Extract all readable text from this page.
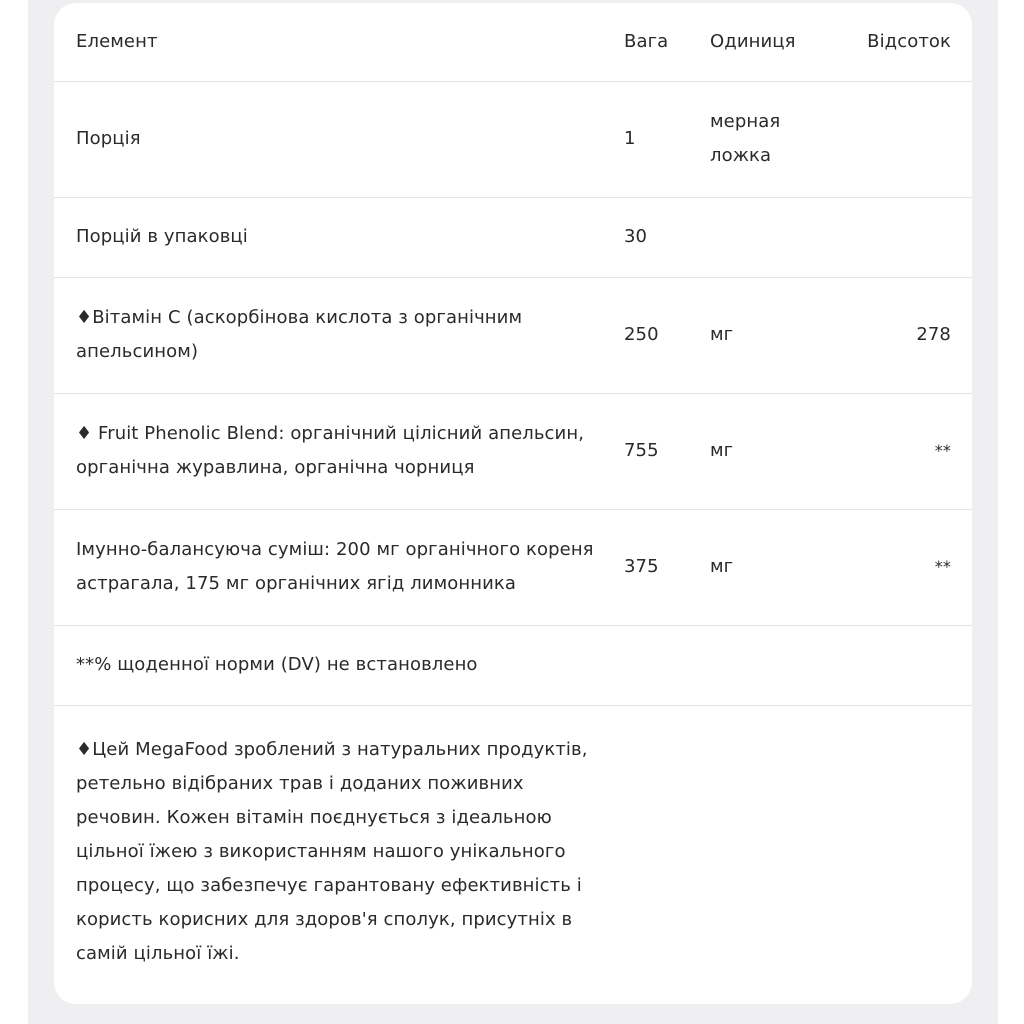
Елемент	Вага	Одиниця	Відсоток
Порція	1	мерная ложка	

Порцій в упаковці	30		
♦Вітамін С (аскорбінова кислота з органічним апельсином)	250	мг	278
♦ Fruit Phenolic Blend: органічний цілісний апельсин, органічна журавлина, органічна чорниця	755	мг	**
Імунно-балансуюча суміш: 200 мг органічного кореня астрагала, 175 мг органічних ягід лимонника	375	мг	**
**% щоденної норми (DV) не встановлено			

♦Цей MegaFood зроблений з натуральних продуктів, ретельно відібраних трав і доданих поживних речовин. Кожен вітамін поєднується з ідеальною цільної їжею з використанням нашого унікального процесу, що забезпечує гарантовану ефективність і користь корисних для здоров'я сполук, присутніх в самій цільної їжі.			
